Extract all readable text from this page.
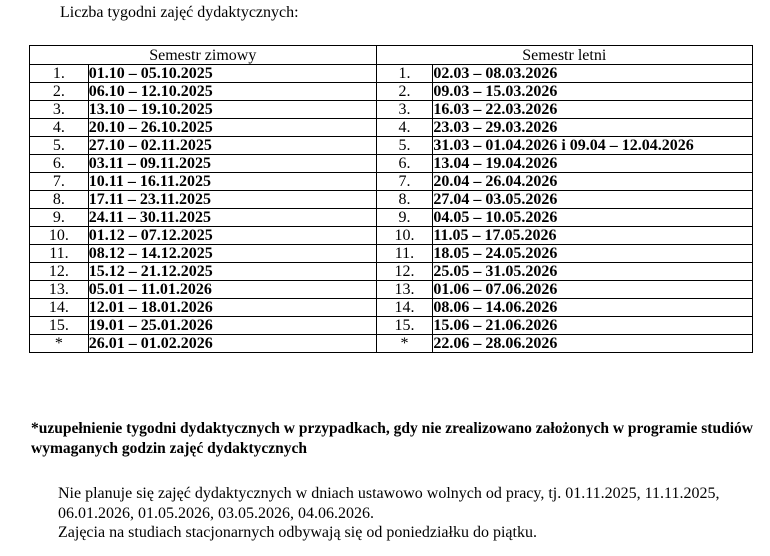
Liczba tygodni zajęć dydaktycznych:
Semestr zimowy		Semestr letni	
1.	01.10 – 05.10.2025	1.	02.03 – 08.03.2026
2.	06.10 – 12.10.2025	2.	09.03 – 15.03.2026
3.	13.10 – 19.10.2025	3.	16.03 – 22.03.2026
4.	20.10 – 26.10.2025	4.	23.03 – 29.03.2026
5.	27.10 – 02.11.2025	5.	31.03 – 01.04.2026 i 09.04 – 12.04.2026
6.	03.11 – 09.11.2025	6.	13.04 – 19.04.2026
7.	10.11 – 16.11.2025	7.	20.04 – 26.04.2026
8.	17.11 – 23.11.2025	8.	27.04 – 03.05.2026
9.	24.11 – 30.11.2025	9.	04.05 – 10.05.2026
10.	01.12 – 07.12.2025	10.	11.05 – 17.05.2026
11.	08.12 – 14.12.2025	11.	18.05 – 24.05.2026
12.	15.12 – 21.12.2025	12.	25.05 – 31.05.2026
13.	05.01 – 11.01.2026	13.	01.06 – 07.06.2026
14.	12.01 – 18.01.2026	14.	08.06 – 14.06.2026
15.	19.01 – 25.01.2026	15.	15.06 – 21.06.2026
*	26.01 – 01.02.2026	*	22.06 – 28.06.2026
*uzupełnienie tygodni dydaktycznych w przypadkach, gdy nie zrealizowano założonych w programie studiów wymaganych godzin zajęć dydaktycznych

Nie planuje się zajęć dydaktycznych w dniach ustawowo wolnych od pracy, tj. 01.11.2025, 11.11.2025, 06.01.2026, 01.05.2026, 03.05.2026, 04.06.2026.

Zajęcia na studiach stacjonarnych odbywają się od poniedziałku do piątku.
